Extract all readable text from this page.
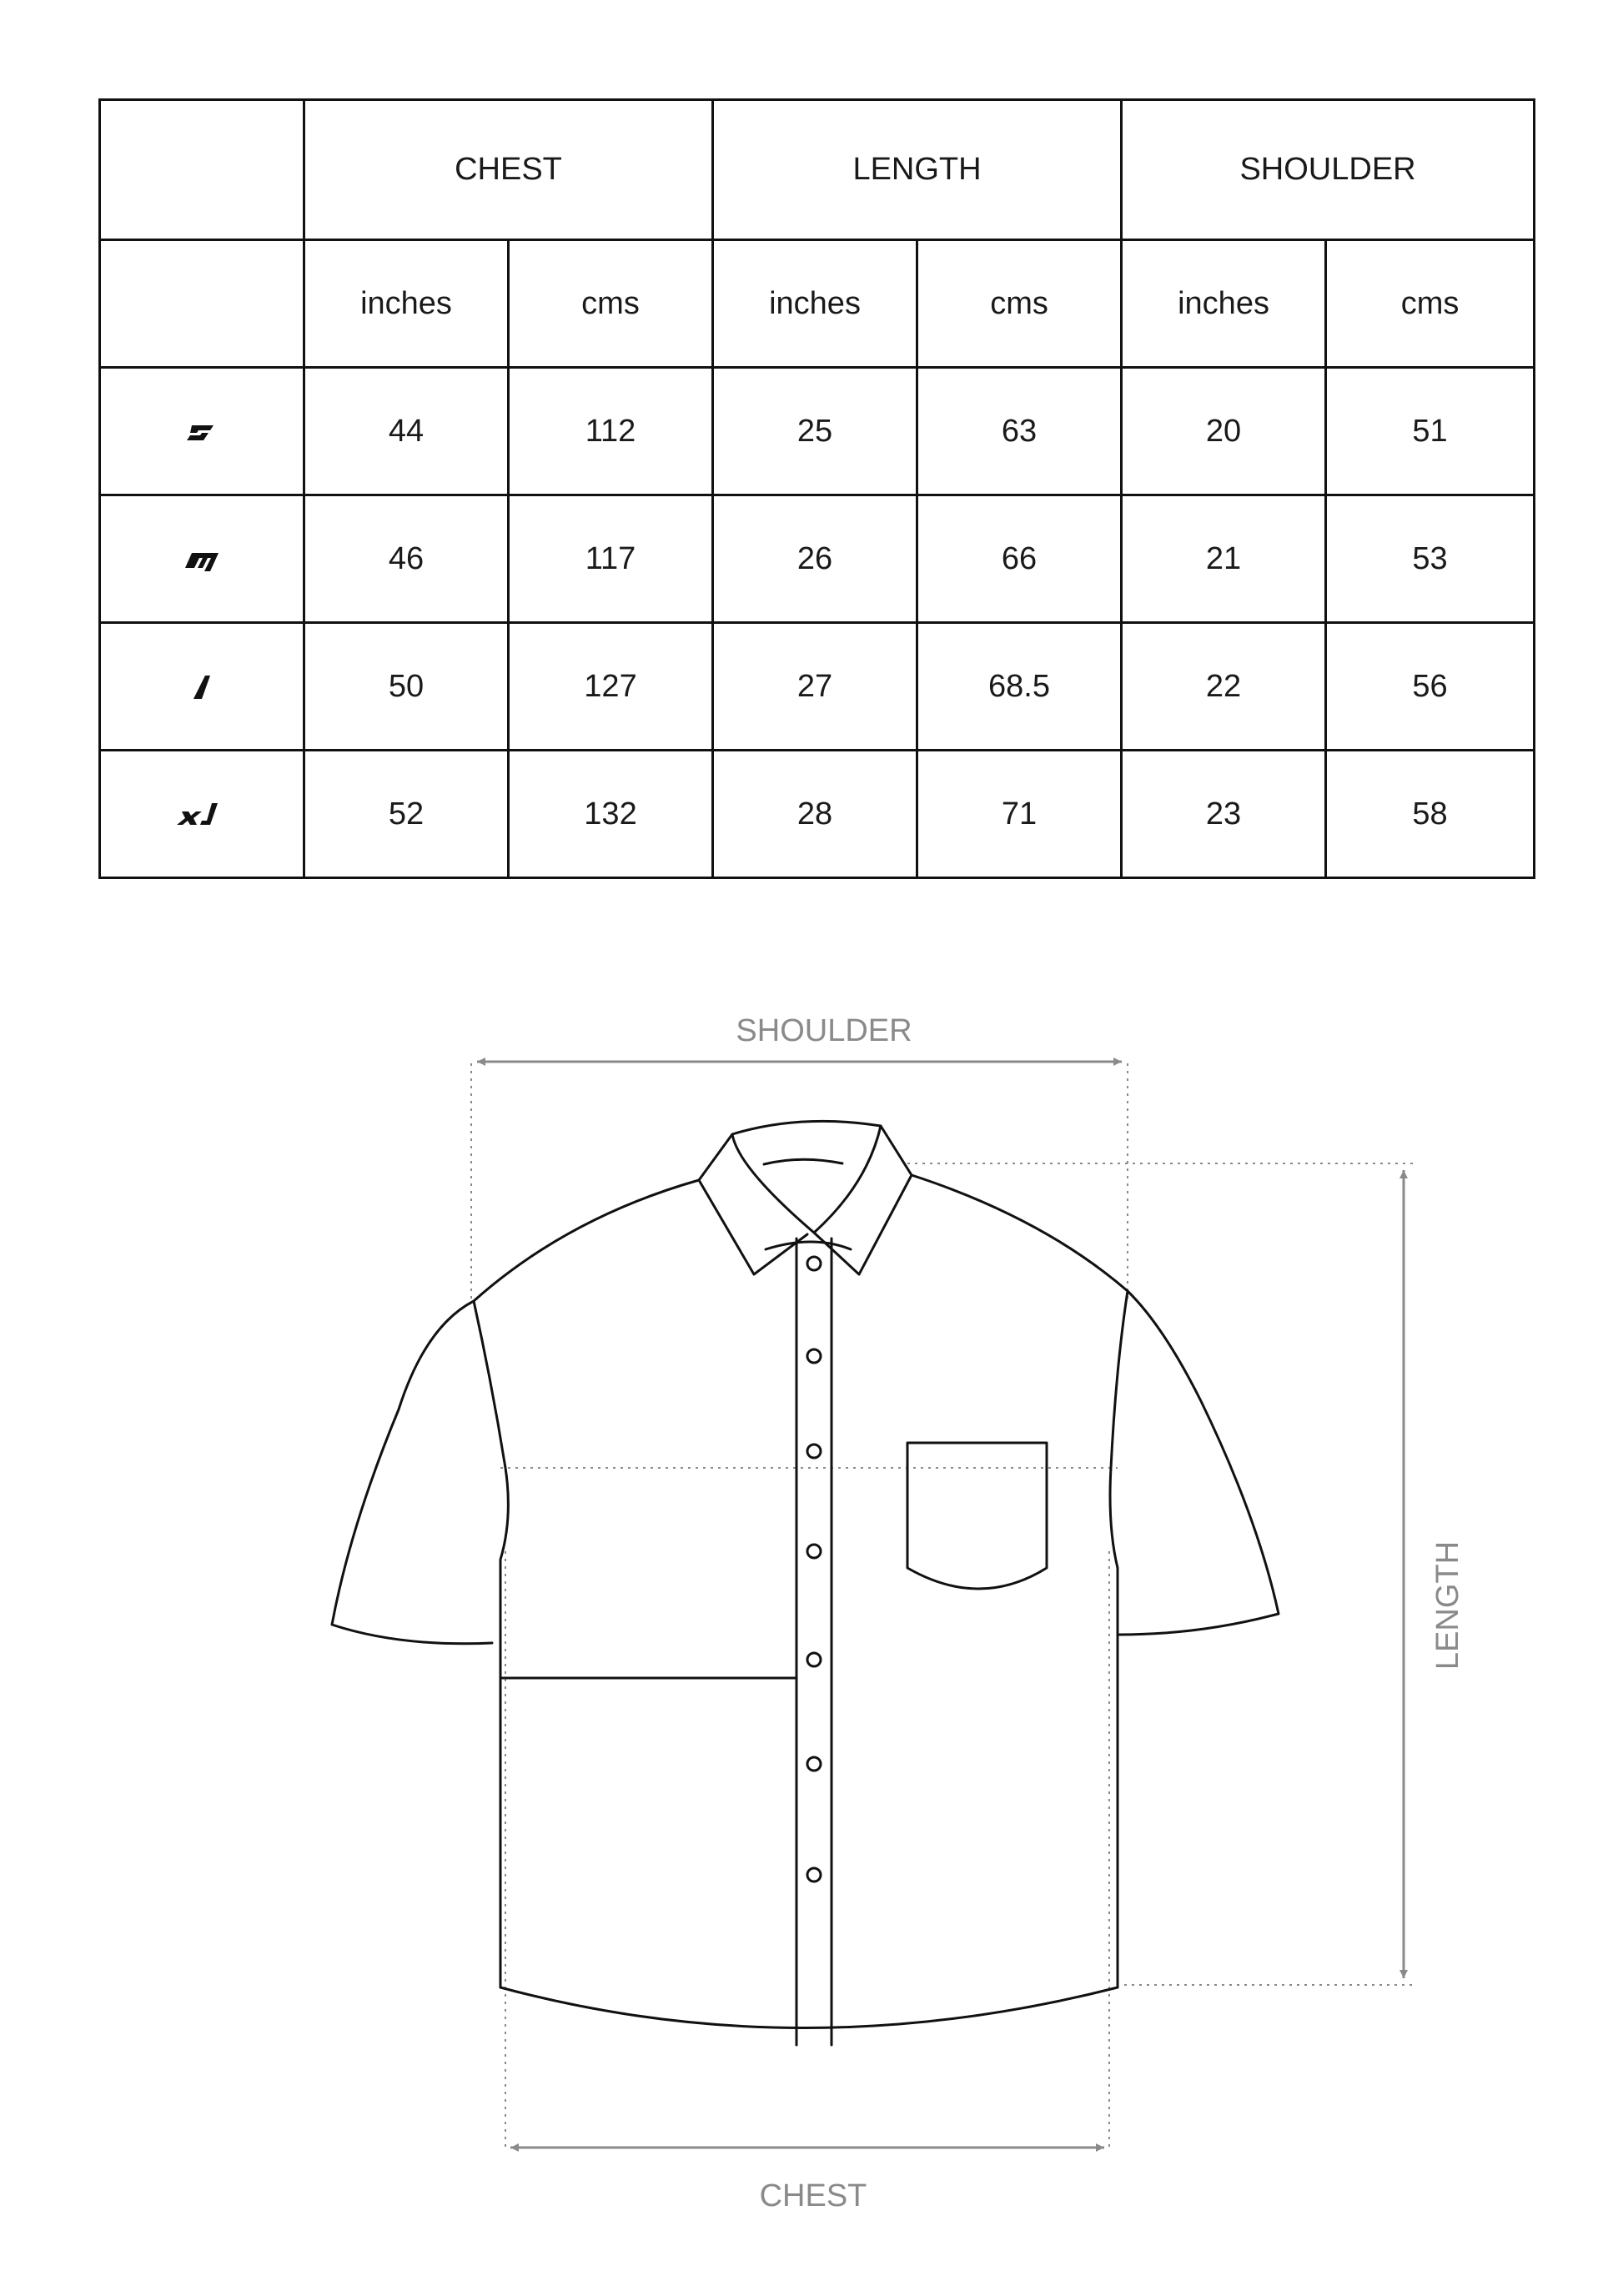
	CHEST		LENGTH		SHOULDER	
	inches	cms	inches	cms	inches	cms
	44	112	25	63	20	51
	46	117	26	66	21	53
	50	127	27	68.5	22	56
	52	132	28	71	23	58
SHOULDER
LENGTH
CHEST
